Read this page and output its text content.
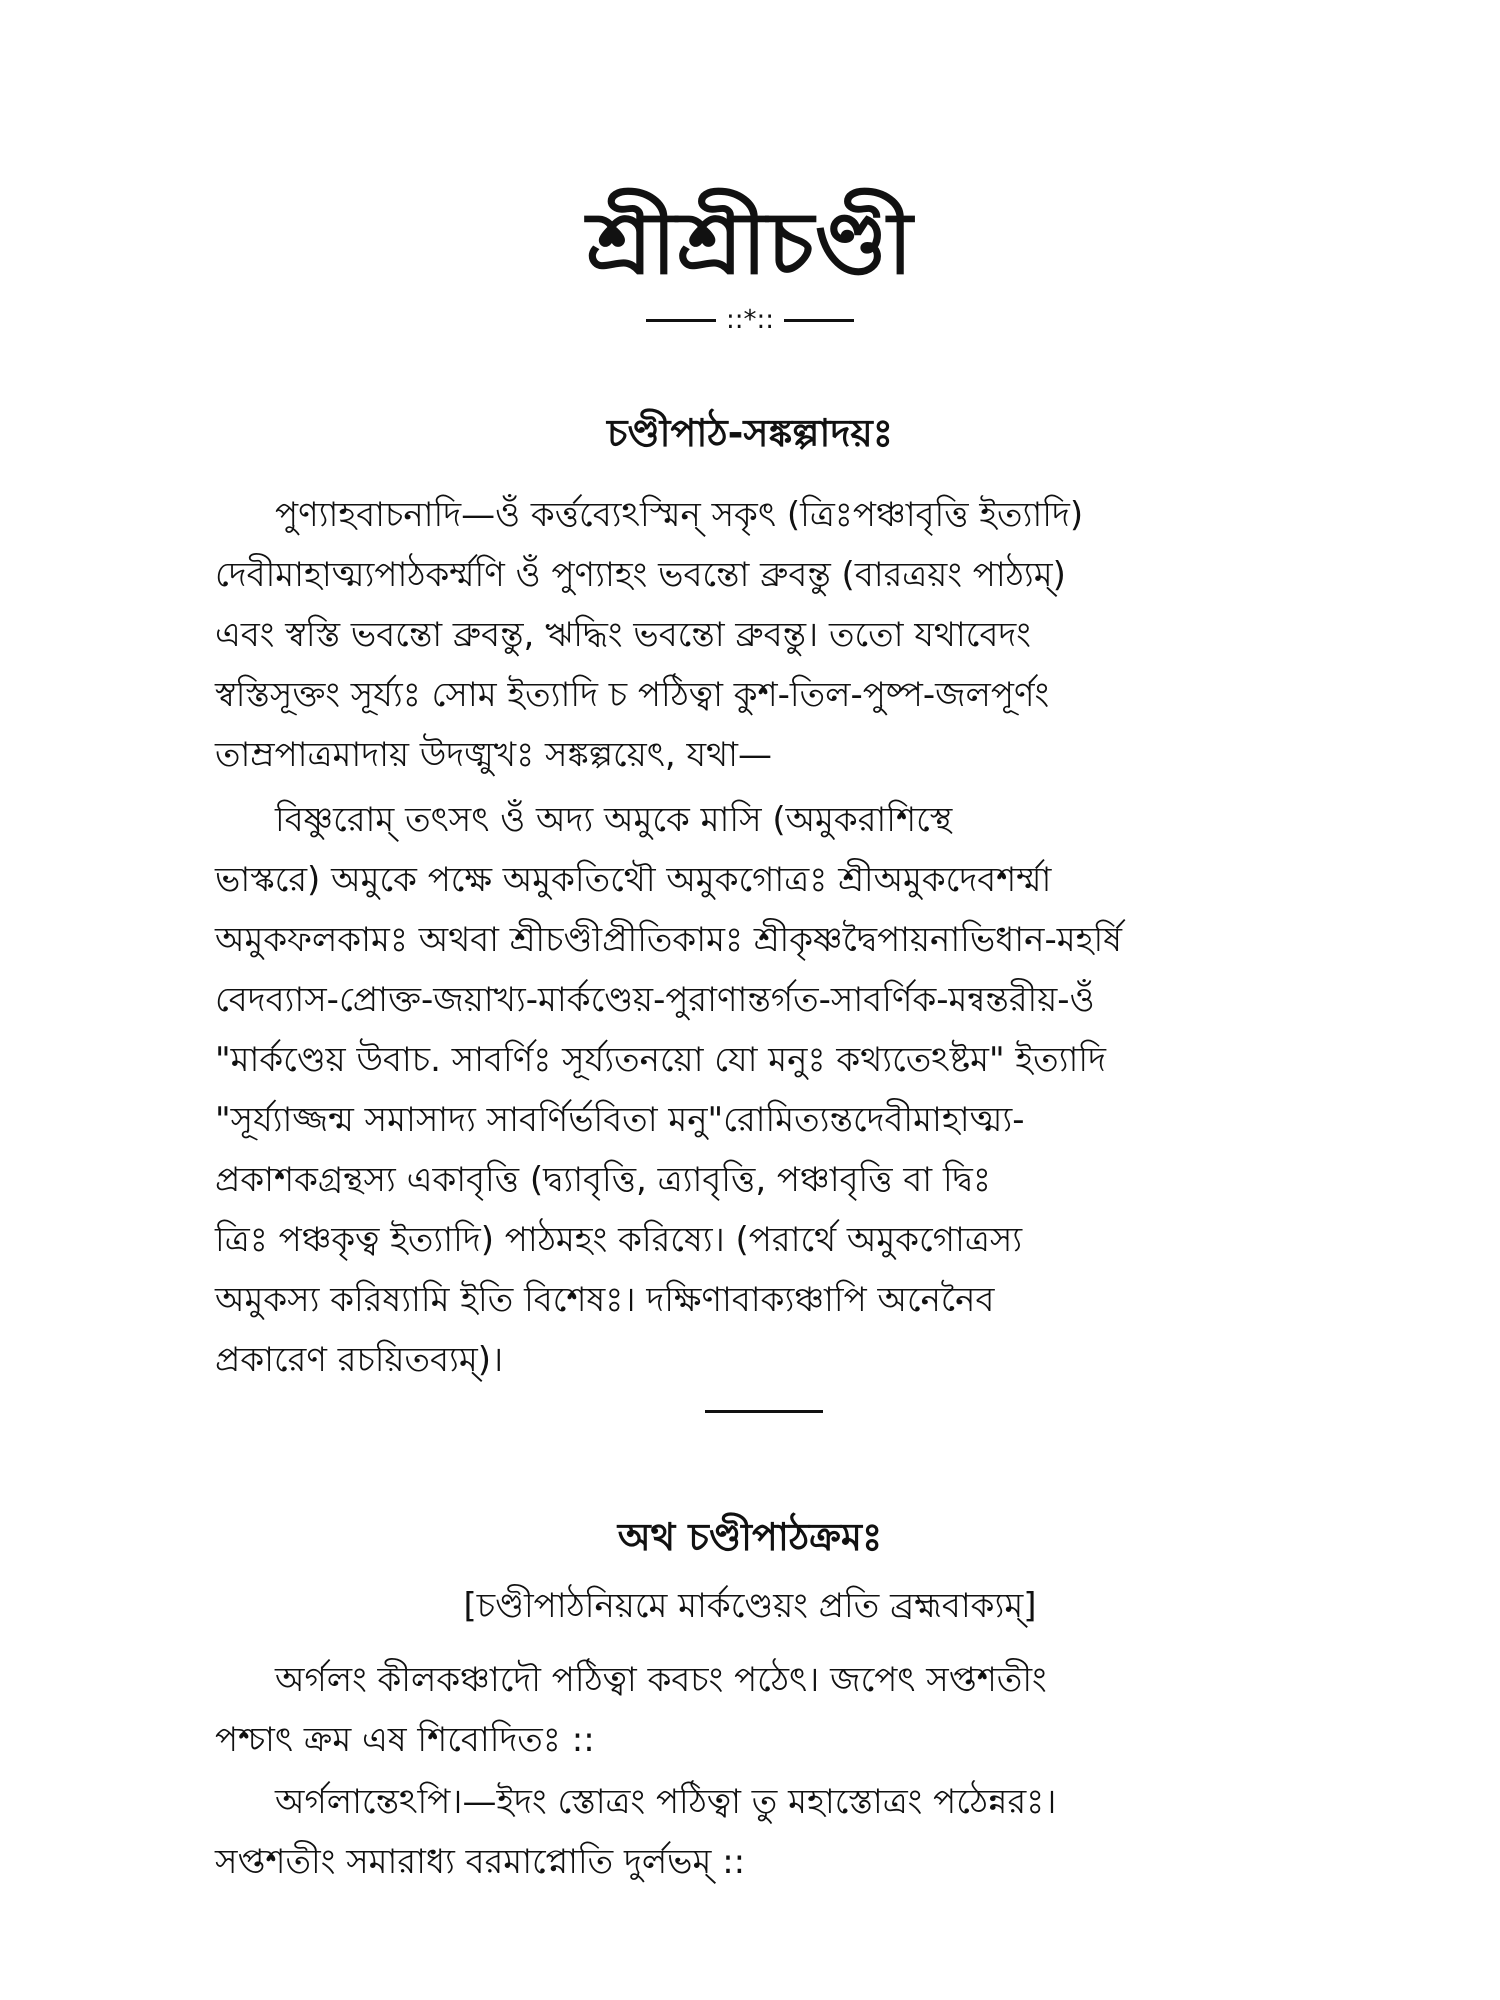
শ্রীশ্রীচণ্ডী
::*::
চণ্ডীপাঠ-সঙ্কল্পাদয়ঃ

পুণ্যাহবাচনাদি—ওঁ কর্ত্তব্যেঽস্মিন্ সকৃৎ (ত্রিঃপঞ্চাবৃত্তি ইত্যাদি)

দেবীমাহাত্ম্যপাঠকর্ম্মণি ওঁ পুণ্যাহং ভবন্তো ব্রুবন্তু (বারত্রয়ং পাঠ্যম্)

এবং স্বস্তি ভবন্তো ব্রুবন্তু, ঋদ্ধিং ভবন্তো ব্রুবন্তু। ততো যথাবেদং

স্বস্তিসূক্তং সূর্য্যঃ সোম ইত্যাদি চ পঠিত্বা কুশ-তিল-পুষ্প-জলপূর্ণং

তাম্রপাত্রমাদায় উদঙ্মুখঃ সঙ্কল্পয়েৎ, যথা—

বিষ্ণুরোম্ তৎসৎ ওঁ অদ্য অমুকে মাসি (অমুকরাশিস্থে

ভাস্করে) অমুকে পক্ষে অমুকতিথৌ অমুকগোত্রঃ শ্রীঅমুকদেবশর্ম্মা

অমুকফলকামঃ অথবা শ্রীচণ্ডীপ্রীতিকামঃ শ্রীকৃষ্ণদ্বৈপায়নাভিধান-মহর্ষি

বেদব্যাস-প্রোক্ত-জয়াখ্য-মার্কণ্ডেয়-পুরাণান্তর্গত-সাবর্ণিক-মন্বন্তরীয়-ওঁ

"মার্কণ্ডেয় উবাচ. সাবর্ণিঃ সূর্য্যতনয়ো যো মনুঃ কথ্যতেঽষ্টম" ইত্যাদি

"সূর্য্যাজ্জন্ম সমাসাদ্য সাবর্ণির্ভবিতা মনু"রোমিত্যন্তদেবীমাহাত্ম্য-

প্রকাশকগ্রন্থস্য একাবৃত্তি (দ্ব্যাবৃত্তি, ত্র্যাবৃত্তি, পঞ্চাবৃত্তি বা দ্বিঃ

ত্রিঃ পঞ্চকৃত্ব ইত্যাদি) পাঠমহং করিষ্যে। (পরার্থে অমুকগোত্রস্য

অমুকস্য করিষ্যামি ইতি বিশেষঃ। দক্ষিণাবাক্যঞ্চাপি অনেনৈব

প্রকারেণ রচয়িতব্যম্)।

অথ চণ্ডীপাঠক্রমঃ
[চণ্ডীপাঠনিয়মে মার্কণ্ডেয়ং প্রতি ব্রহ্মবাক্যম্]

অর্গলং কীলকঞ্চাদৌ পঠিত্বা কবচং পঠেৎ। জপেৎ সপ্তশতীং

পশ্চাৎ ক্রম এষ শিবোদিতঃ ::

অর্গলান্তেঽপি।—ইদং স্তোত্রং পঠিত্বা তু মহাস্তোত্রং পঠেন্নরঃ।

সপ্তশতীং সমারাধ্য বরমাপ্নোতি দুর্লভম্ ::
